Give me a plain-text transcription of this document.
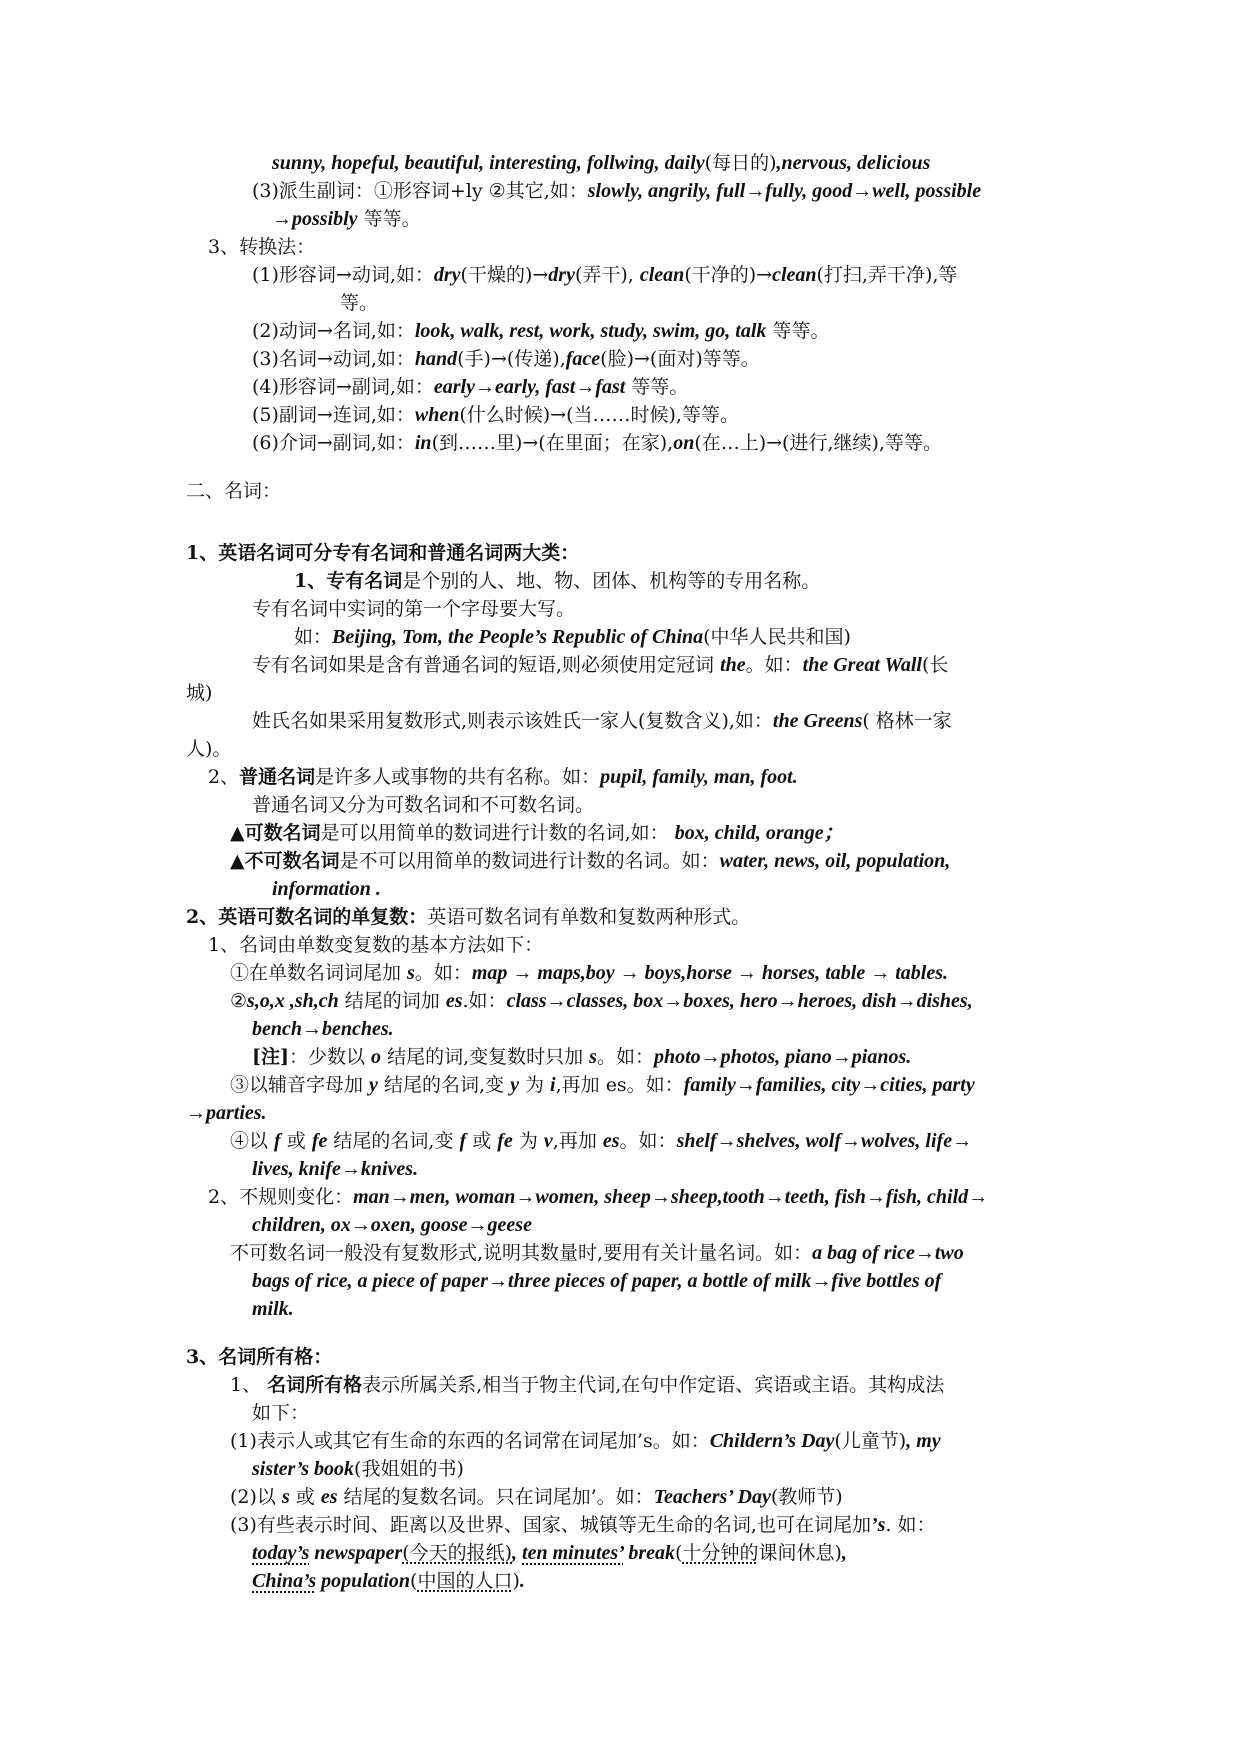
sunny, hopeful, beautiful, interesting, follwing, daily(每日的),nervous, delicious
(3)派生副词：①形容词+ly ②其它,如：slowly, angrily, full→fully, good→well, possible
→possibly 等等。
3、转换法：
(1)形容词→动词,如：dry(干燥的)→dry(弄干), clean(干净的)→clean(打扫,弄干净),等
等。
(2)动词→名词,如：look, walk, rest, work, study, swim, go, talk 等等。
(3)名词→动词,如：hand(手)→(传递),face(脸)→(面对)等等。
(4)形容词→副词,如：early→early, fast→fast 等等。
(5)副词→连词,如：when(什么时候)→(当……时候),等等。
(6)介词→副词,如：in(到……里)→(在里面；在家),on(在…上)→(进行,继续),等等。
二、名词：
1、英语名词可分专有名词和普通名词两大类：
1、专有名词是个别的人、地、物、团体、机构等的专用名称。
专有名词中实词的第一个字母要大写。
如：Beijing, Tom, the People’s Republic of China(中华人民共和国)
专有名词如果是含有普通名词的短语,则必须使用定冠词 the。如：the Great Wall(长
城)
姓氏名如果采用复数形式,则表示该姓氏一家人(复数含义),如：the Greens( 格林一家
人)。
2、普通名词是许多人或事物的共有名称。如：pupil, family, man, foot.
普通名词又分为可数名词和不可数名词。
▲可数名词是可以用简单的数词进行计数的名词,如： box, child, orange；
▲不可数名词是不可以用简单的数词进行计数的名词。如：water, news, oil, population,
information .
2、英语可数名词的单复数：英语可数名词有单数和复数两种形式。
1、名词由单数变复数的基本方法如下：
①在单数名词词尾加 s。如：map → maps,boy → boys,horse → horses, table → tables.
②s,o,x ,sh,ch 结尾的词加 es.如：class→classes, box→boxes, hero→heroes, dish→dishes,
bench→benches.
[注]：少数以 o 结尾的词,变复数时只加 s。如：photo→photos, piano→pianos.
③以辅音字母加 y 结尾的名词,变 y 为 i,再加 es。如：family→families, city→cities, party
→parties.
④以 f 或 fe 结尾的名词,变 f 或 fe 为 v,再加 es。如：shelf→shelves, wolf→wolves, life→
lives, knife→knives.
2、不规则变化：man→men, woman→women, sheep→sheep,tooth→teeth, fish→fish, child→
children, ox→oxen, goose→geese
不可数名词一般没有复数形式,说明其数量时,要用有关计量名词。如：a bag of rice→two
bags of rice, a piece of paper→three pieces of paper, a bottle of milk→five bottles of
milk.
3、名词所有格：
1、 名词所有格表示所属关系,相当于物主代词,在句中作定语、宾语或主语。其构成法
如下：
(1)表示人或其它有生命的东西的名词常在词尾加’s。如：Childern’s Day(儿童节), my
sister’s book(我姐姐的书)
(2)以 s 或 es 结尾的复数名词。只在词尾加’。如：Teachers’ Day(教师节)
(3)有些表示时间、距离以及世界、国家、城镇等无生命的名词,也可在词尾加’s. 如：
today’s newspaper(今天的报纸), ten minutes’ break(十分钟的课间休息),
China’s population(中国的人口).
